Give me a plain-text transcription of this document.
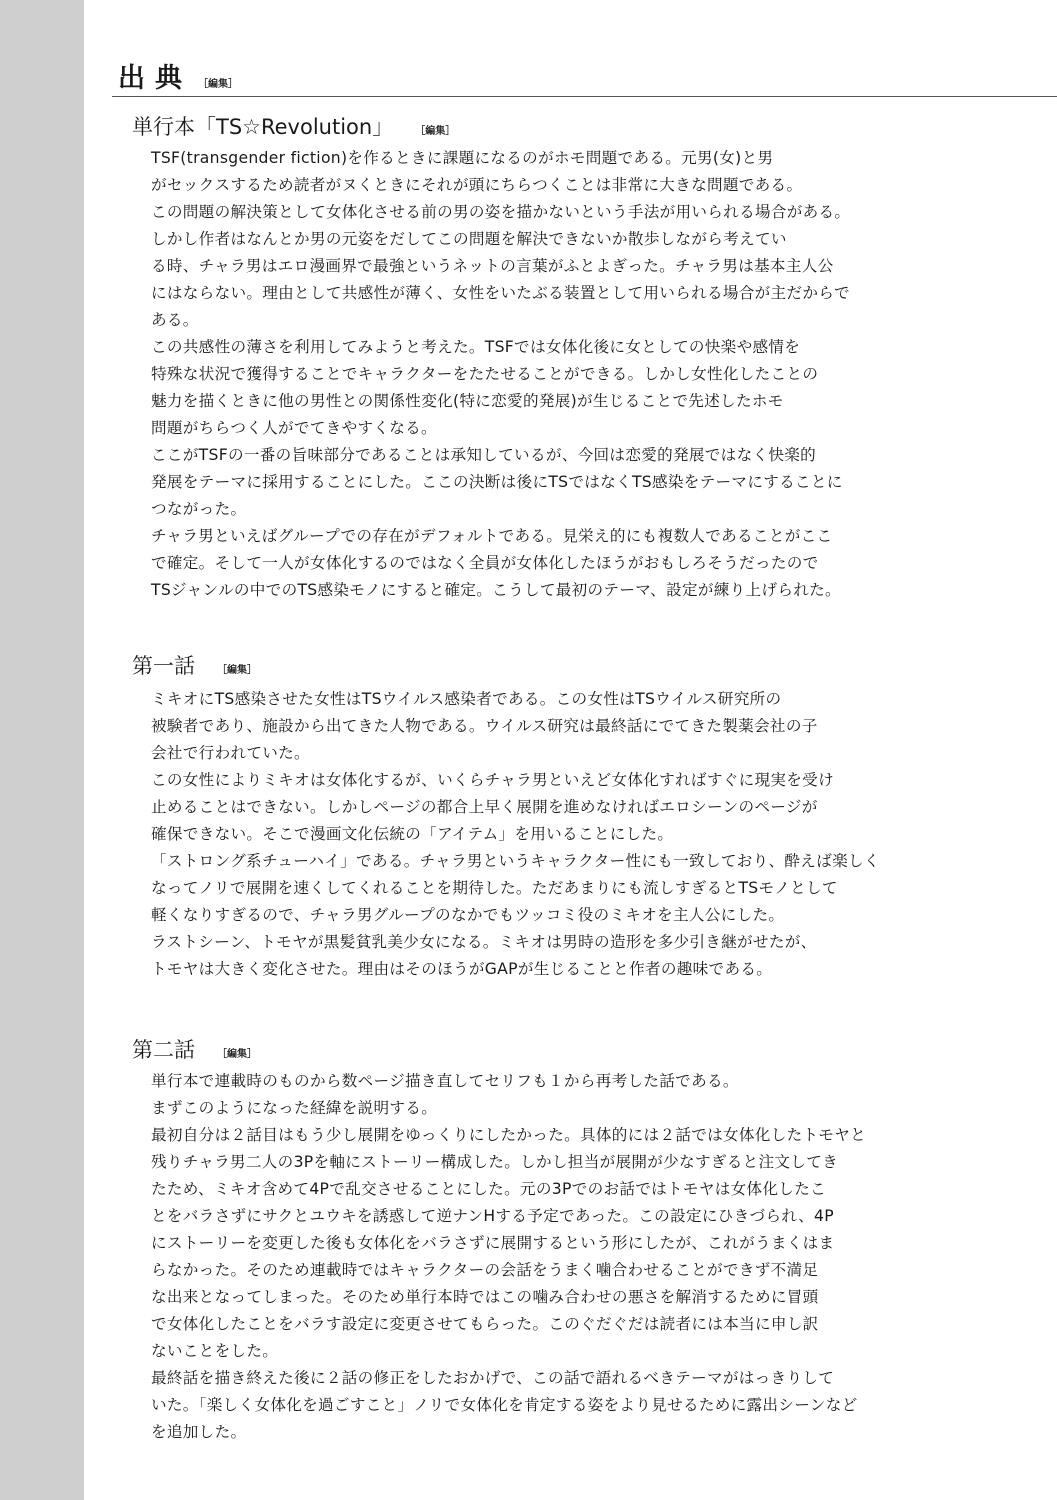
出典 ［編集］
単行本「TS☆Revolution」 ［編集］

TSF(transgender fiction)を作るときに課題になるのがホモ問題である。元男(女)と男
がセックスするため読者がヌくときにそれが頭にちらつくことは非常に大きな問題である。
この問題の解決策として女体化させる前の男の姿を描かないという手法が用いられる場合がある。
しかし作者はなんとか男の元姿をだしてこの問題を解決できないか散歩しながら考えてい
る時、チャラ男はエロ漫画界で最強というネットの言葉がふとよぎった。チャラ男は基本主人公
にはならない。理由として共感性が薄く、女性をいたぶる装置として用いられる場合が主だからで
ある。

この共感性の薄さを利用してみようと考えた。TSFでは女体化後に女としての快楽や感情を
特殊な状況で獲得することでキャラクターをたたせることができる。しかし女性化したことの
魅力を描くときに他の男性との関係性変化(特に恋愛的発展)が生じることで先述したホモ
問題がちらつく人がでてきやすくなる。

ここがTSFの一番の旨味部分であることは承知しているが、今回は恋愛的発展ではなく快楽的
発展をテーマに採用することにした。ここの決断は後にTSではなくTS感染をテーマにすることに
つながった。

チャラ男といえばグループでの存在がデフォルトである。見栄え的にも複数人であることがここ
で確定。そして一人が女体化するのではなく全員が女体化したほうがおもしろそうだったので
TSジャンルの中でのTS感染モノにすると確定。こうして最初のテーマ、設定が練り上げられた。

第一話 ［編集］

ミキオにTS感染させた女性はTSウイルス感染者である。この女性はTSウイルス研究所の
被験者であり、施設から出てきた人物である。ウイルス研究は最終話にでてきた製薬会社の子
会社で行われていた。

この女性によりミキオは女体化するが、いくらチャラ男といえど女体化すればすぐに現実を受け
止めることはできない。しかしページの都合上早く展開を進めなければエロシーンのページが
確保できない。そこで漫画文化伝統の「アイテム」を用いることにした。

「ストロング系チューハイ」である。チャラ男というキャラクター性にも一致しており、酔えば楽しく
なってノリで展開を速くしてくれることを期待した。ただあまりにも流しすぎるとTSモノとして
軽くなりすぎるので、チャラ男グループのなかでもツッコミ役のミキオを主人公にした。

ラストシーン、トモヤが黒髪貧乳美少女になる。ミキオは男時の造形を多少引き継がせたが、
トモヤは大きく変化させた。理由はそのほうがGAPが生じることと作者の趣味である。

第二話 ［編集］

単行本で連載時のものから数ページ描き直してセリフも１から再考した話である。

まずこのようになった経緯を説明する。

最初自分は２話目はもう少し展開をゆっくりにしたかった。具体的には２話では女体化したトモヤと
残りチャラ男二人の3Pを軸にストーリー構成した。しかし担当が展開が少なすぎると注文してき
たため、ミキオ含めて4Pで乱交させることにした。元の3Pでのお話ではトモヤは女体化したこ
とをバラさずにサクとユウキを誘惑して逆ナンHする予定であった。この設定にひきづられ、4P
にストーリーを変更した後も女体化をバラさずに展開するという形にしたが、これがうまくはま
らなかった。そのため連載時ではキャラクターの会話をうまく噛合わせることができず不満足
な出来となってしまった。そのため単行本時ではこの噛み合わせの悪さを解消するために冒頭
で女体化したことをバラす設定に変更させてもらった。このぐだぐだは読者には本当に申し訳
ないことをした。

最終話を描き終えた後に２話の修正をしたおかげで、この話で語れるべきテーマがはっきりして
いた。「楽しく女体化を過ごすこと」ノリで女体化を肯定する姿をより見せるために露出シーンなど
を追加した。
